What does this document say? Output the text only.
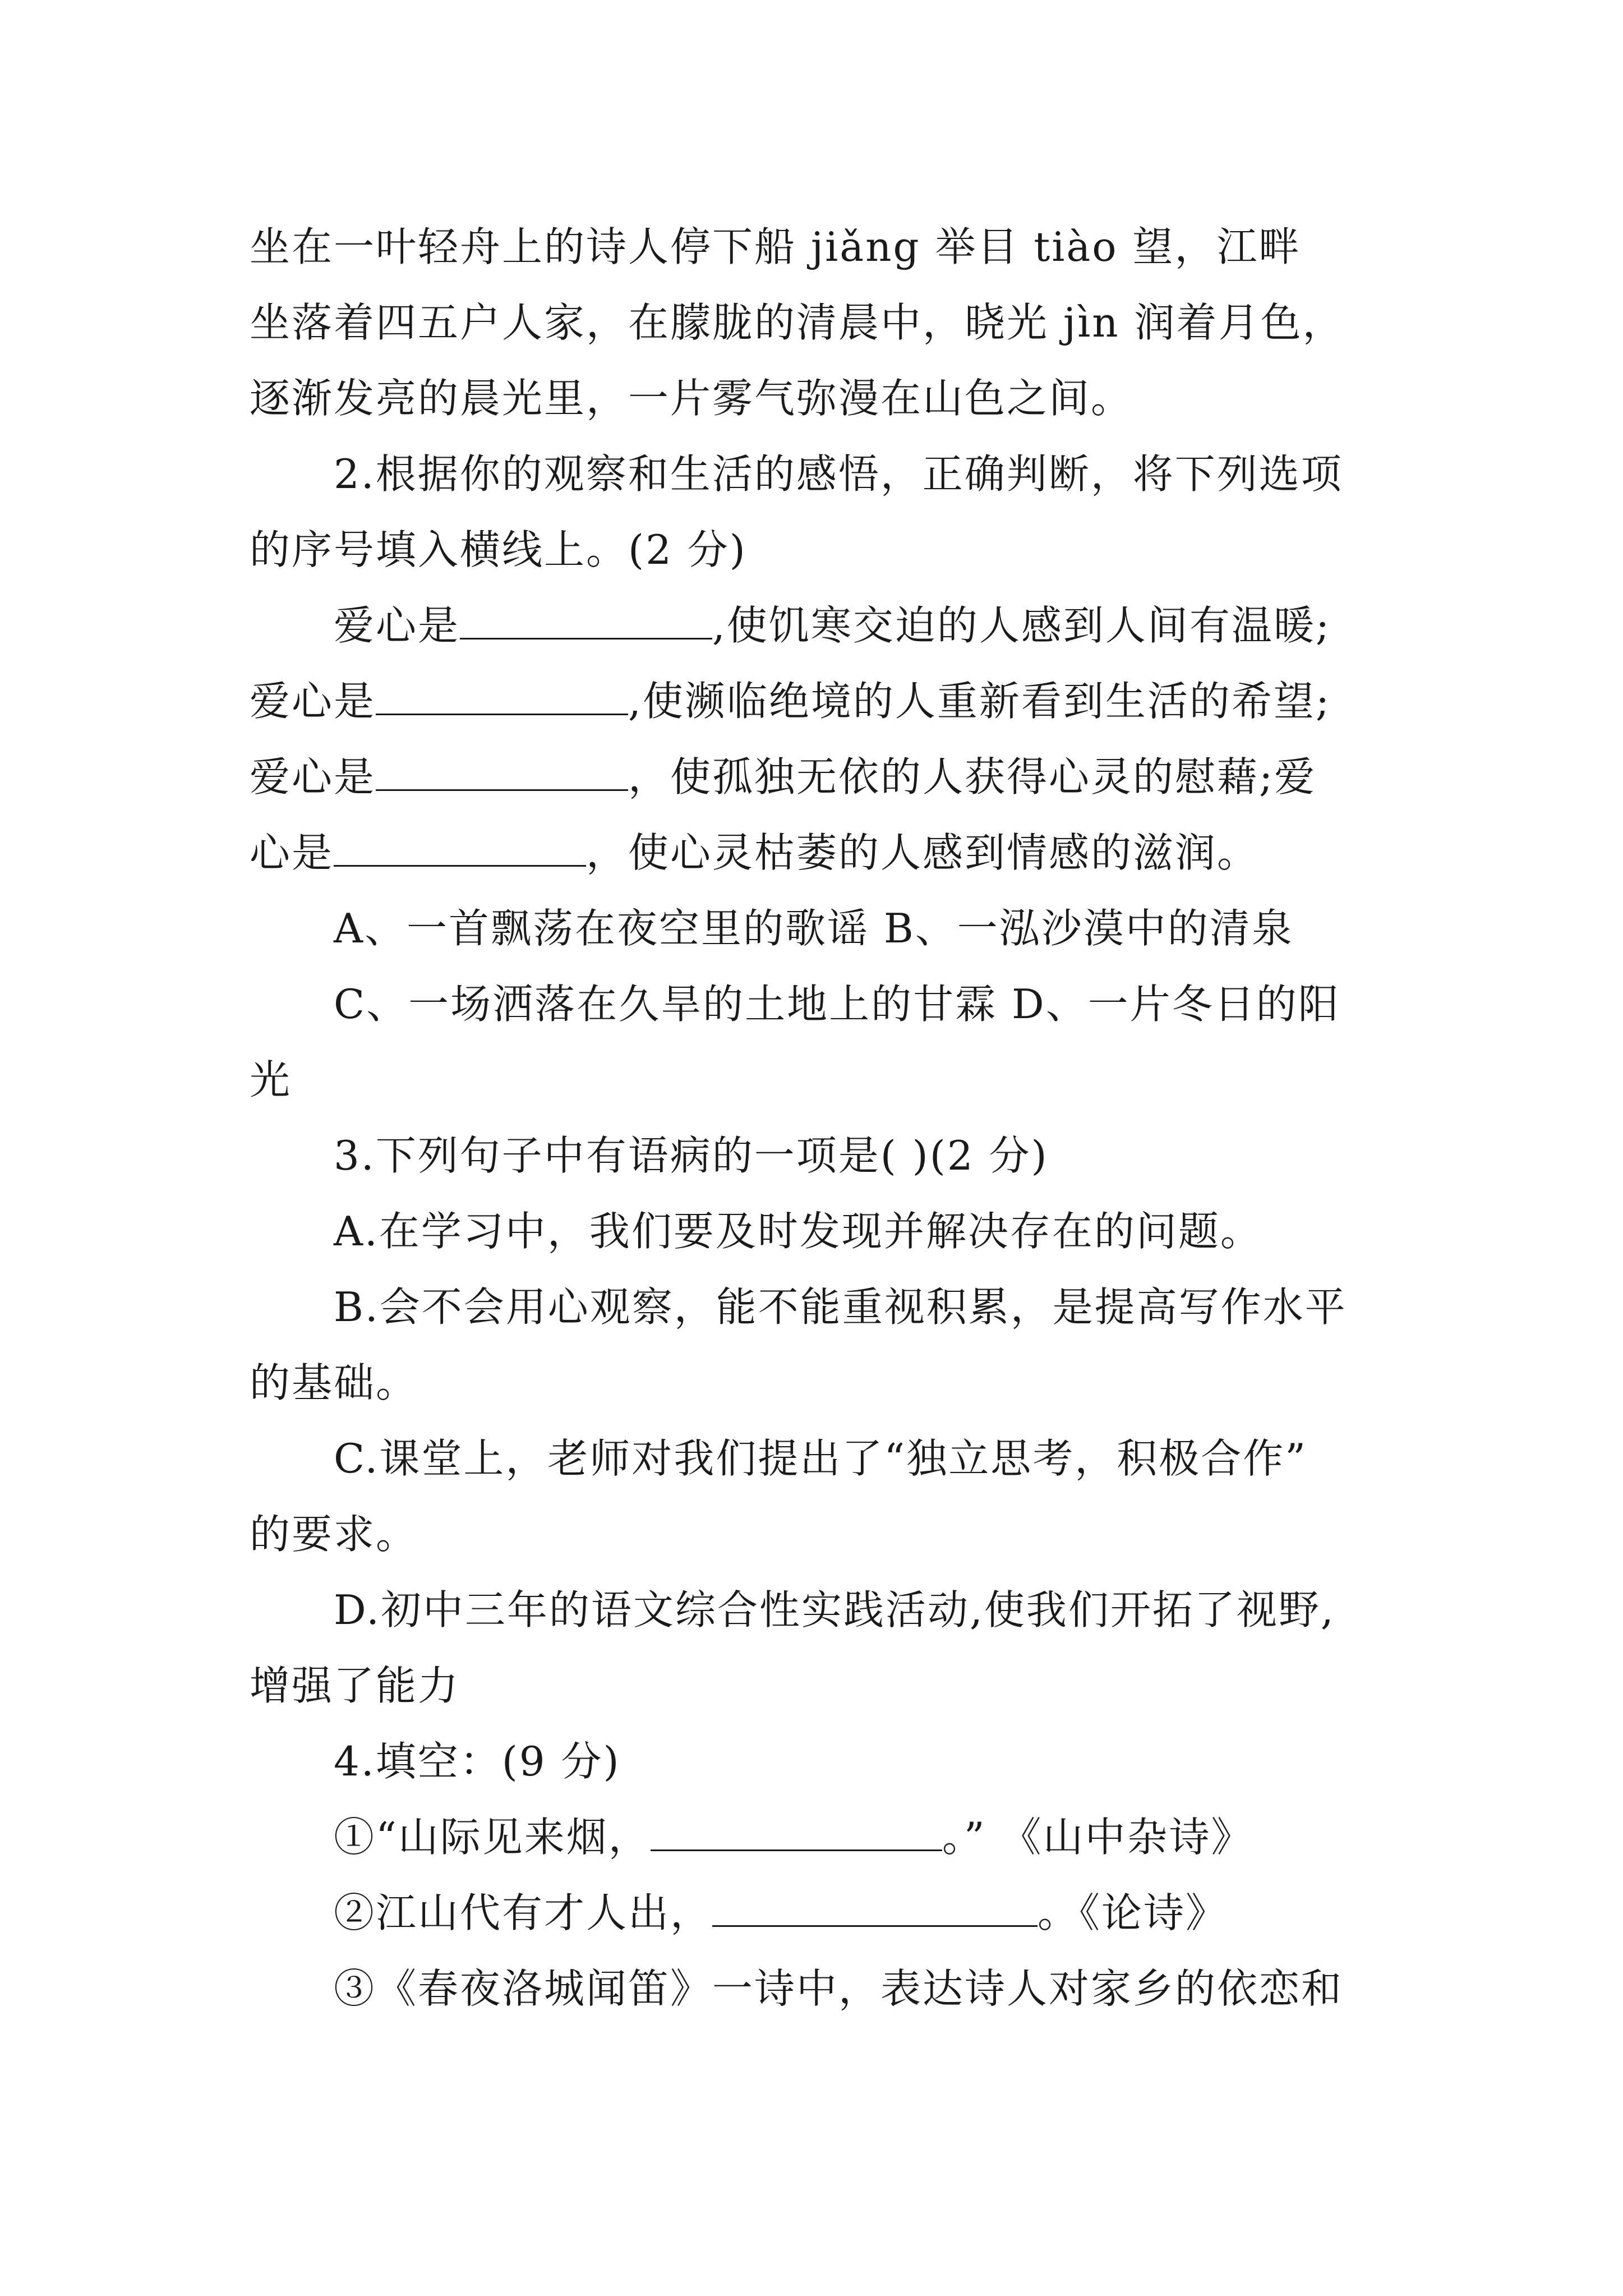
坐在一叶轻舟上的诗人停下船 jiǎng 举目 tiào 望，江畔
坐落着四五户人家，在朦胧的清晨中，晓光 jìn 润着月色，
逐渐发亮的晨光里，一片雾气弥漫在山色之间。
2.根据你的观察和生活的感悟，正确判断，将下列选项
的序号填入横线上。(2 分)
爱心是	,使饥寒交迫的人感到人间有温暖;
爱心是	,使濒临绝境的人重新看到生活的希望;
爱心是	，使孤独无依的人获得心灵的慰藉;爱
心是	，使心灵枯萎的人感到情感的滋润。
A、一首飘荡在夜空里的歌谣 B、一泓沙漠中的清泉
C、一场洒落在久旱的土地上的甘霖 D、一片冬日的阳
光
3.下列句子中有语病的一项是( )(2 分)
A.在学习中，我们要及时发现并解决存在的问题。
B.会不会用心观察，能不能重视积累，是提高写作水平
的基础。
C.课堂上，老师对我们提出了“独立思考，积极合作”
的要求。
D.初中三年的语文综合性实践活动,使我们开拓了视野,
增强了能力
4.填空：(9 分)
①“山际见来烟，	。” 《山中杂诗》
②江山代有才人出，	。《论诗》
③《春夜洛城闻笛》一诗中，表达诗人对家乡的依恋和
